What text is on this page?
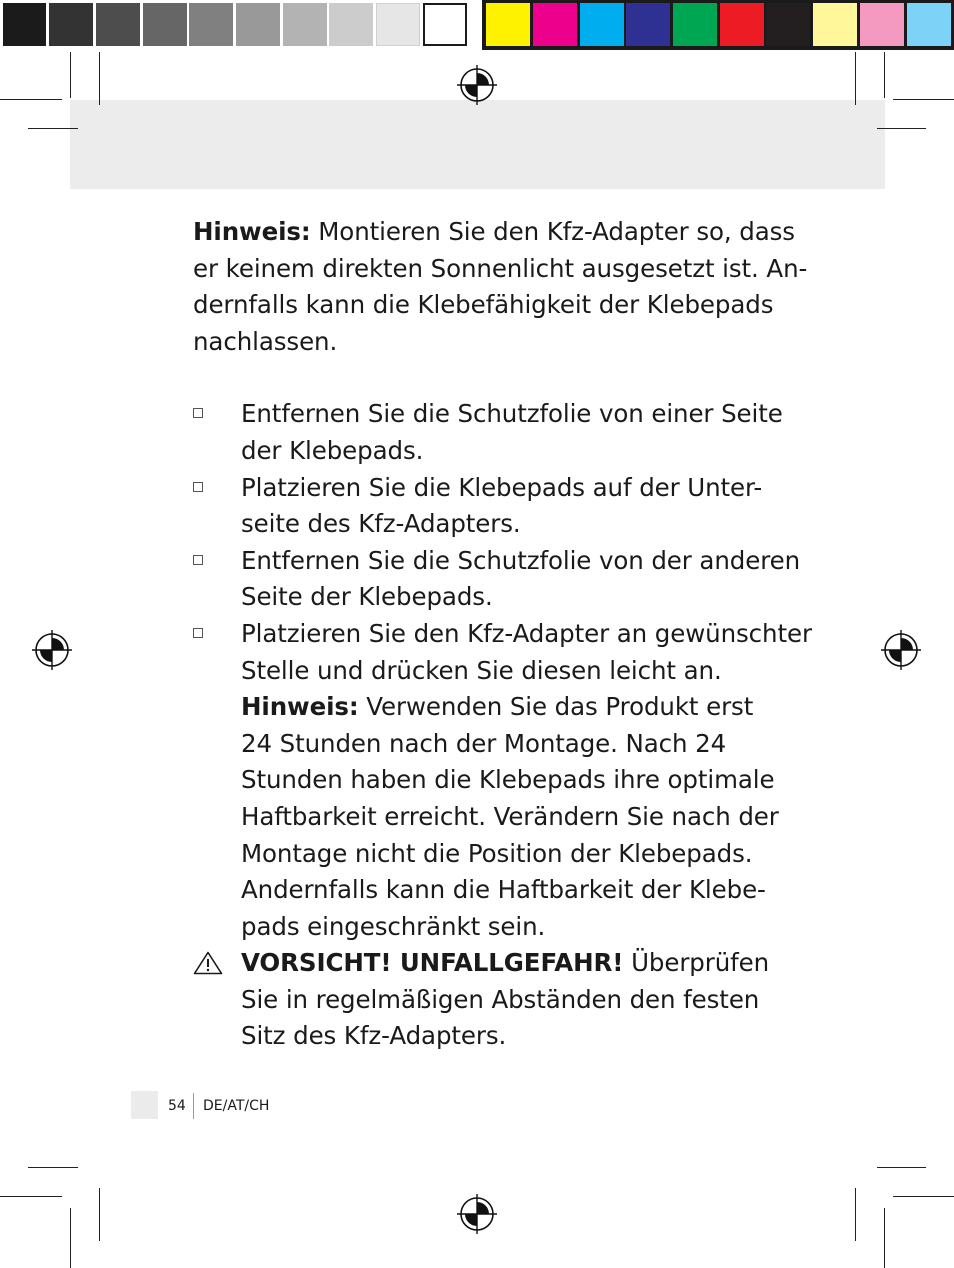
Hinweis: Montieren Sie den Kfz-Adapter so, dass
er keinem direkten Sonnenlicht ausgesetzt ist. An-
dernfalls kann die Klebefähigkeit der Klebepads
nachlassen.

Entfernen Sie die Schutzfolie von einer Seite
der Klebepads.
Platzieren Sie die Klebepads auf der Unter-
seite des Kfz-Adapters.
Entfernen Sie die Schutzfolie von der anderen
Seite der Klebepads.
Platzieren Sie den Kfz-Adapter an gewünschter
Stelle und drücken Sie diesen leicht an.
Hinweis: Verwenden Sie das Produkt erst
24 Stunden nach der Montage. Nach 24
Stunden haben die Klebepads ihre optimale
Haftbarkeit erreicht. Verändern Sie nach der
Montage nicht die Position der Klebepads.
Andernfalls kann die Haftbarkeit der Klebe-
pads eingeschränkt sein.
VORSICHT! UNFALLGEFAHR! Überprüfen
Sie in regelmäßigen Abständen den festen
Sitz des Kfz-Adapters.
54 DE/AT/CH
